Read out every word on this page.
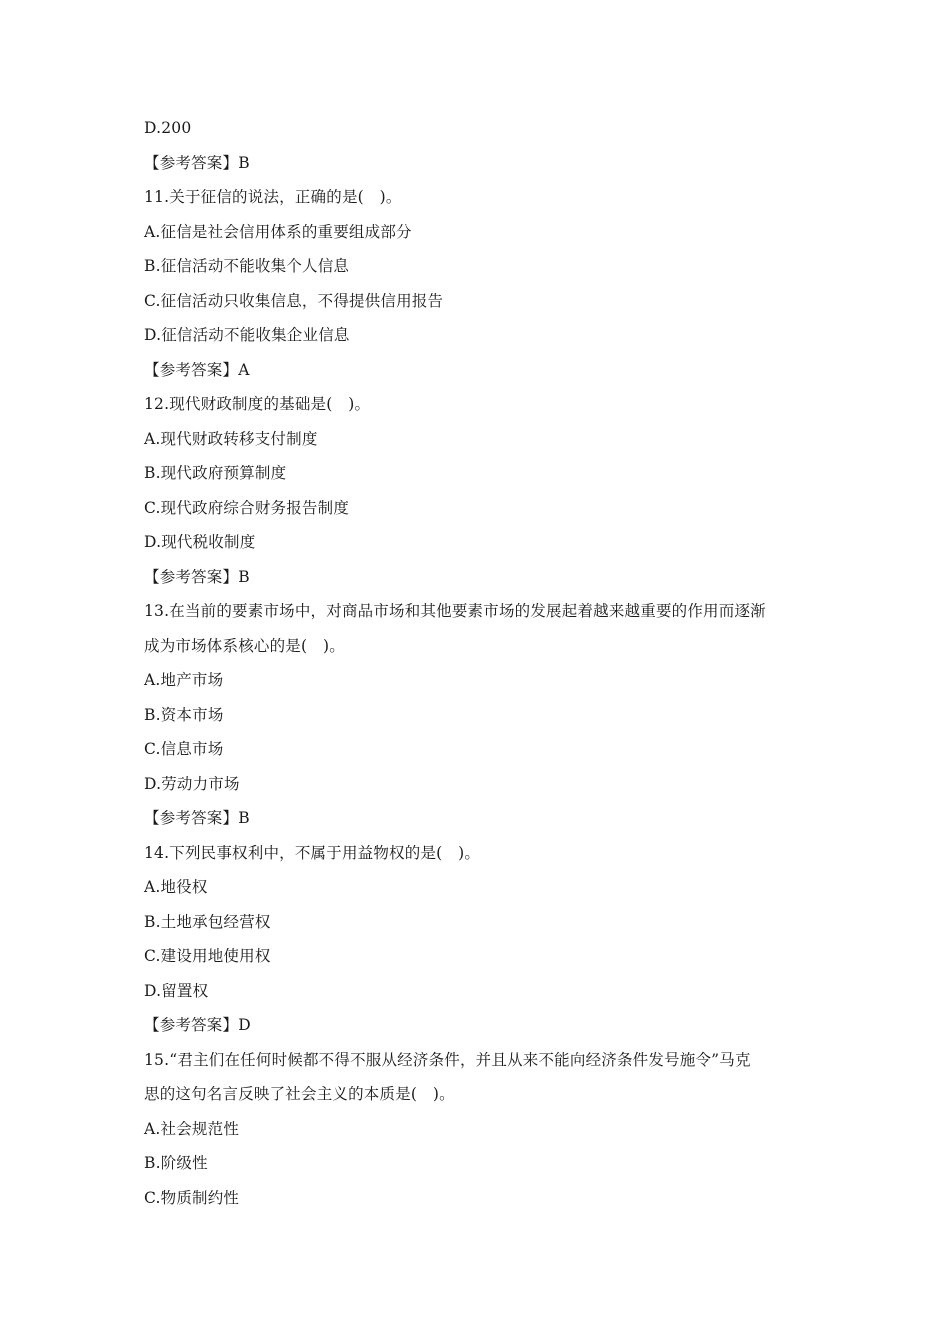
D.200
【参考答案】B
11.关于征信的说法，正确的是(　)。
A.征信是社会信用体系的重要组成部分
B.征信活动不能收集个人信息
C.征信活动只收集信息，不得提供信用报告
D.征信活动不能收集企业信息
【参考答案】A
12.现代财政制度的基础是(　)。
A.现代财政转移支付制度
B.现代政府预算制度
C.现代政府综合财务报告制度
D.现代税收制度
【参考答案】B
13.在当前的要素市场中，对商品市场和其他要素市场的发展起着越来越重要的作用而逐渐
成为市场体系核心的是(　)。
A.地产市场
B.资本市场
C.信息市场
D.劳动力市场
【参考答案】B
14.下列民事权利中，不属于用益物权的是(　)。
A.地役权
B.土地承包经营权
C.建设用地使用权
D.留置权
【参考答案】D
15.“君主们在任何时候都不得不服从经济条件，并且从来不能向经济条件发号施令”马克
思的这句名言反映了社会主义的本质是(　)。
A.社会规范性
B.阶级性
C.物质制约性
